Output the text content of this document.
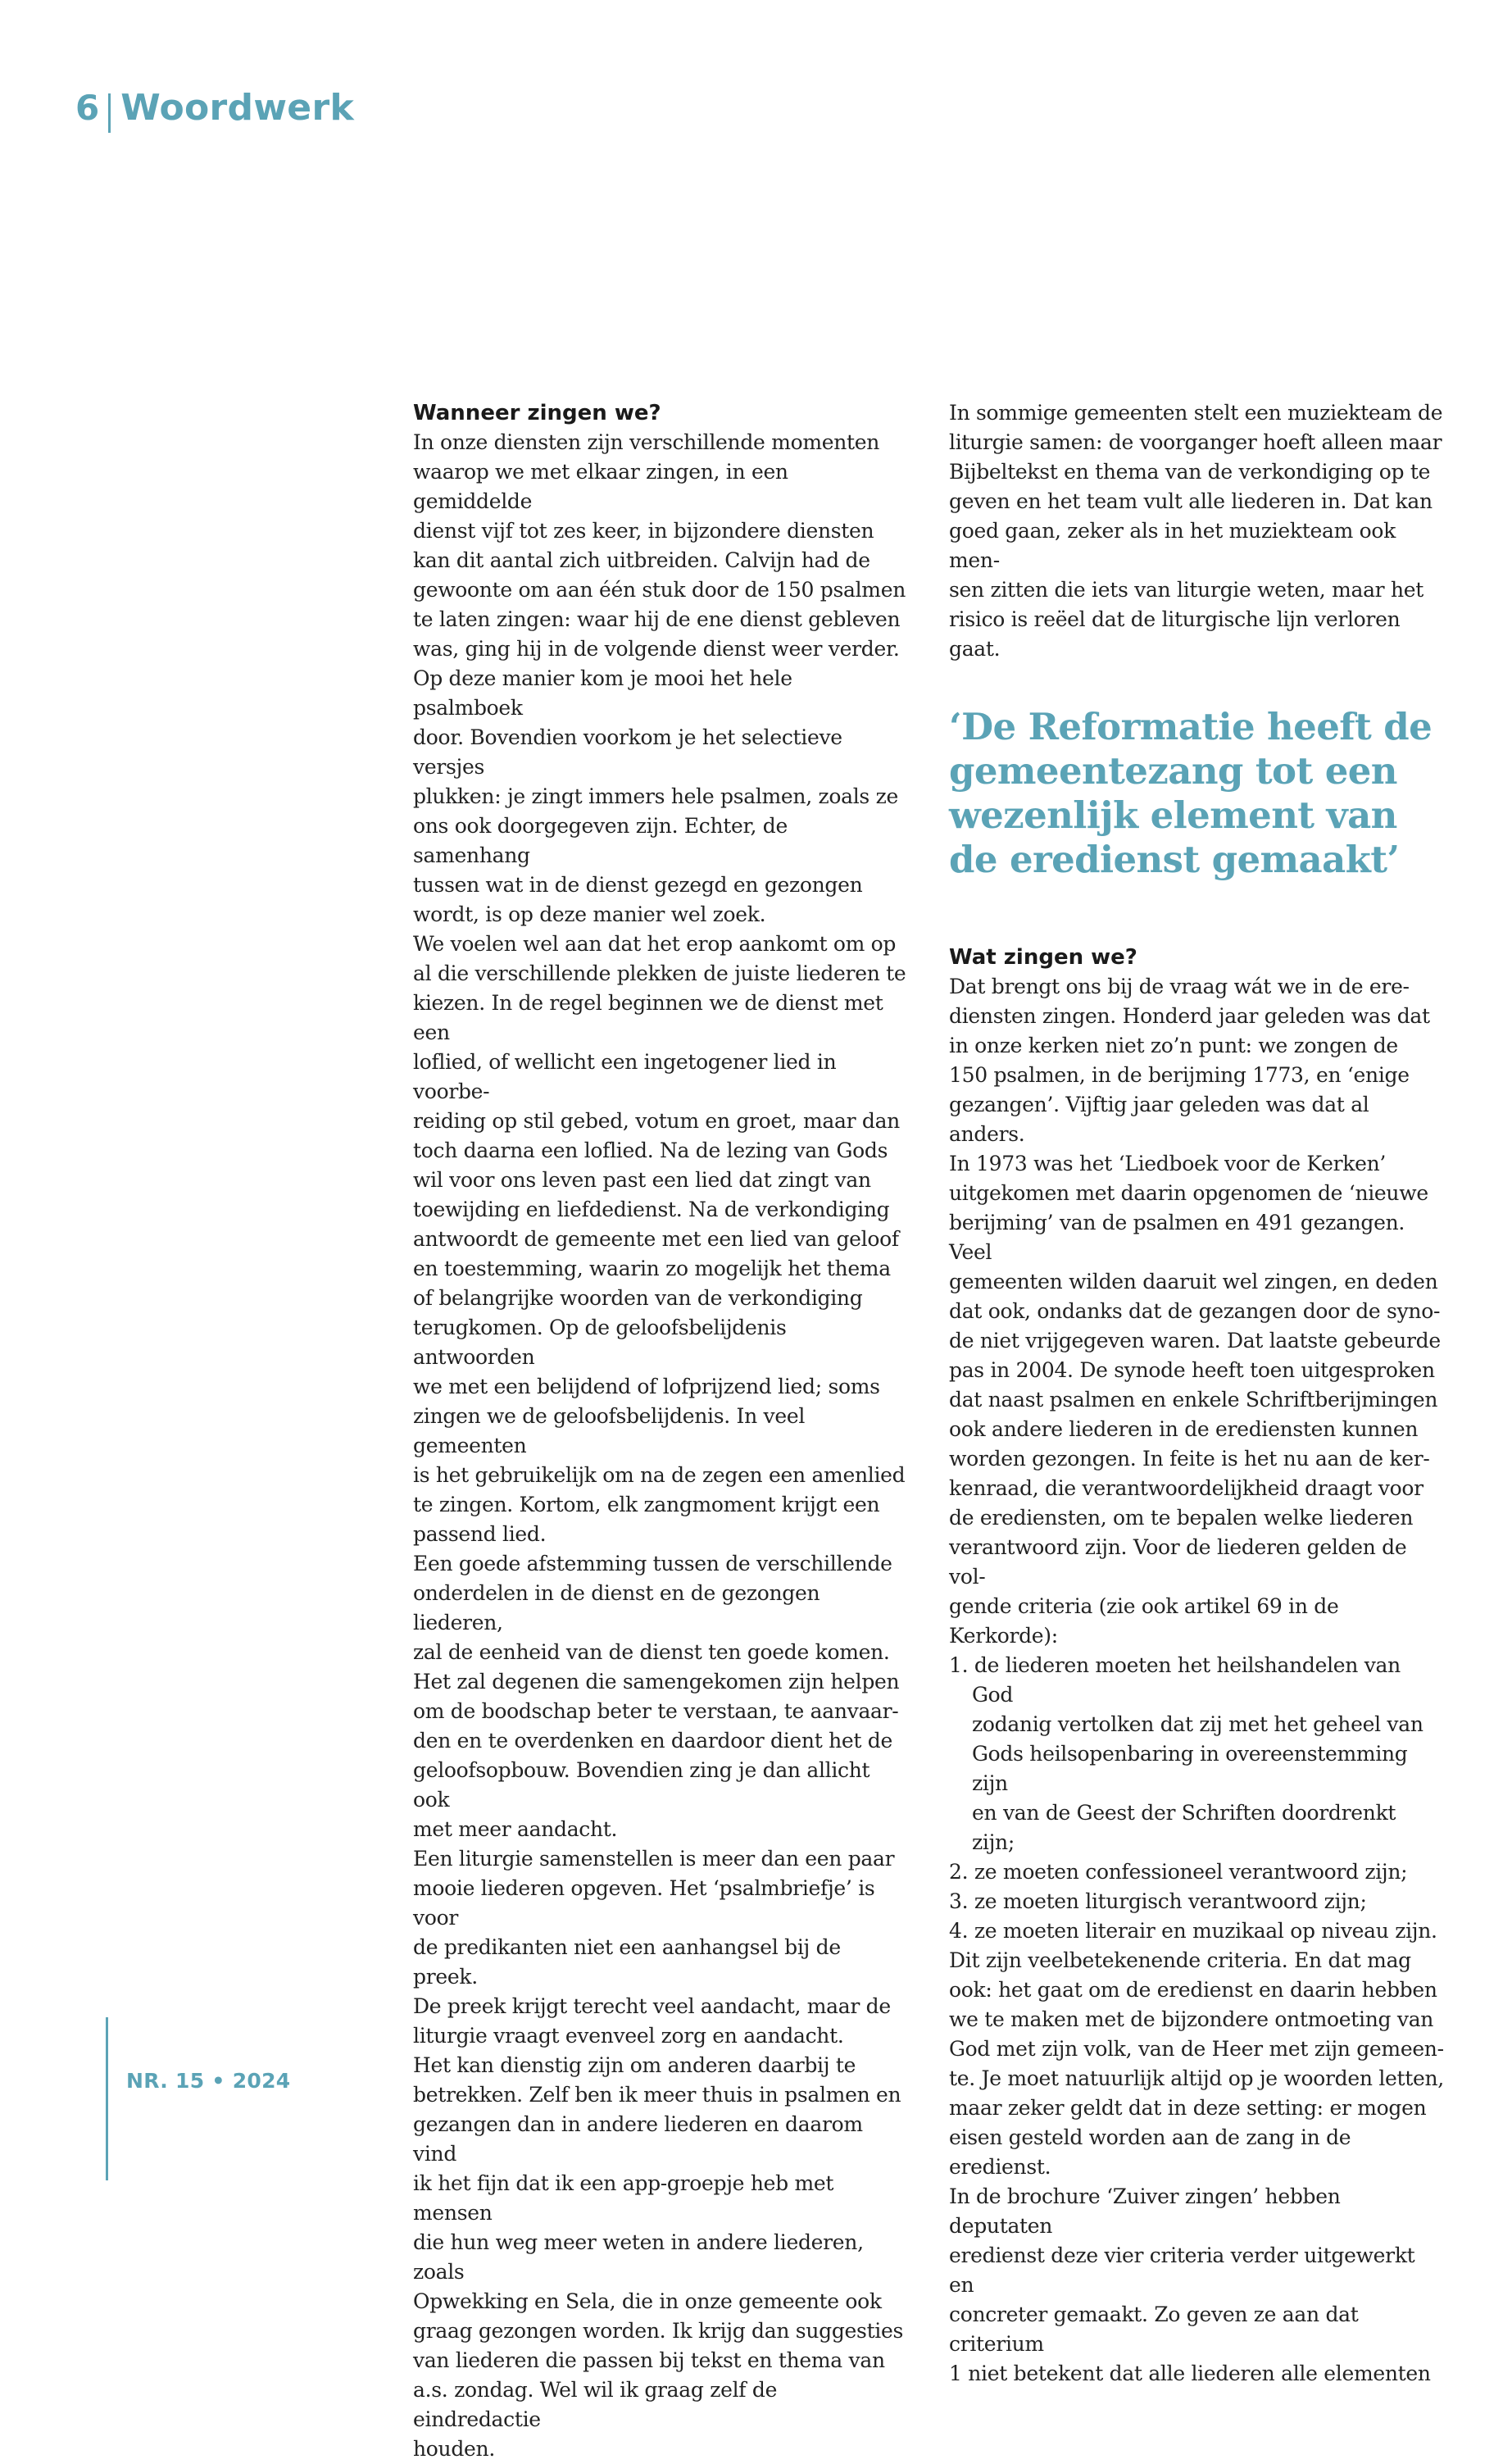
6 Woordwerk
Wanneer zingen we?

In onze diensten zijn verschillende momenten
waarop we met elkaar zingen, in een gemiddelde
dienst vijf tot zes keer, in bijzondere diensten
kan dit aantal zich uitbreiden. Calvijn had de
gewoonte om aan één stuk door de 150 psalmen
te laten zingen: waar hij de ene dienst gebleven
was, ging hij in de volgende dienst weer verder.
Op deze manier kom je mooi het hele psalmboek
door. Bovendien voorkom je het selectieve versjes
plukken: je zingt immers hele psalmen, zoals ze
ons ook doorgegeven zijn. Echter, de samenhang
tussen wat in de dienst gezegd en gezongen
wordt, is op deze manier wel zoek.

We voelen wel aan dat het erop aankomt om op
al die verschillende plekken de juiste liederen te
kiezen. In de regel beginnen we de dienst met een
loflied, of wellicht een ingetogener lied in voorbe-
reiding op stil gebed, votum en groet, maar dan
toch daarna een loflied. Na de lezing van Gods
wil voor ons leven past een lied dat zingt van
toewijding en liefdedienst. Na de verkondiging
antwoordt de gemeente met een lied van geloof
en toestemming, waarin zo mogelijk het thema
of belangrijke woorden van de verkondiging
terugkomen. Op de geloofsbelijdenis antwoorden
we met een belijdend of lofprijzend lied; soms
zingen we de geloofsbelijdenis. In veel gemeenten
is het gebruikelijk om na de zegen een amenlied
te zingen. Kortom, elk zangmoment krijgt een
passend lied.

Een goede afstemming tussen de verschillende
onderdelen in de dienst en de gezongen liederen,
zal de eenheid van de dienst ten goede komen.
Het zal degenen die samengekomen zijn helpen
om de boodschap beter te verstaan, te aanvaar-
den en te overdenken en daardoor dient het de
geloofsopbouw. Bovendien zing je dan allicht ook
met meer aandacht.

Een liturgie samenstellen is meer dan een paar
mooie liederen opgeven. Het ‘psalmbriefje’ is voor
de predikanten niet een aanhangsel bij de preek.
De preek krijgt terecht veel aandacht, maar de
liturgie vraagt evenveel zorg en aandacht.

Het kan dienstig zijn om anderen daarbij te
betrekken. Zelf ben ik meer thuis in psalmen en
gezangen dan in andere liederen en daarom vind
ik het fijn dat ik een app-groepje heb met mensen
die hun weg meer weten in andere liederen, zoals
Opwekking en Sela, die in onze gemeente ook
graag gezongen worden. Ik krijg dan suggesties
van liederen die passen bij tekst en thema van
a.s. zondag. Wel wil ik graag zelf de eindredactie
houden.

In sommige gemeenten stelt een muziekteam de
liturgie samen: de voorganger hoeft alleen maar
Bijbeltekst en thema van de verkondiging op te
geven en het team vult alle liederen in. Dat kan
goed gaan, zeker als in het muziekteam ook men-
sen zitten die iets van liturgie weten, maar het
risico is reëel dat de liturgische lijn verloren gaat.

‘De Reformatie heeft de gemeentezang tot een wezenlijk element van de eredienst gemaakt’

Wat zingen we?

Dat brengt ons bij de vraag wát we in de ere-
diensten zingen. Honderd jaar geleden was dat
in onze kerken niet zo’n punt: we zongen de
150 psalmen, in de berijming 1773, en ‘enige
gezangen’. Vijftig jaar geleden was dat al anders.
In 1973 was het ‘Liedboek voor de Kerken’
uitgekomen met daarin opgenomen de ‘nieuwe
berijming’ van de psalmen en 491 gezangen. Veel
gemeenten wilden daaruit wel zingen, en deden
dat ook, ondanks dat de gezangen door de syno-
de niet vrijgegeven waren. Dat laatste gebeurde
pas in 2004. De synode heeft toen uitgesproken
dat naast psalmen en enkele Schriftberijmingen
ook andere liederen in de erediensten kunnen
worden gezongen. In feite is het nu aan de ker-
kenraad, die verantwoordelijkheid draagt voor
de erediensten, om te bepalen welke liederen
verantwoord zijn. Voor de liederen gelden de vol-
gende criteria (zie ook artikel 69 in de Kerkorde):

1. de liederen moeten het heilshandelen van God
zodanig vertolken dat zij met het geheel van
Gods heilsopenbaring in overeenstemming zijn
en van de Geest der Schriften doordrenkt zijn;
2. ze moeten confessioneel verantwoord zijn;
3. ze moeten liturgisch verantwoord zijn;
4. ze moeten literair en muzikaal op niveau zijn.

Dit zijn veelbetekenende criteria. En dat mag
ook: het gaat om de eredienst en daarin hebben
we te maken met de bijzondere ontmoeting van
God met zijn volk, van de Heer met zijn gemeen-
te. Je moet natuurlijk altijd op je woorden letten,
maar zeker geldt dat in deze setting: er mogen
eisen gesteld worden aan de zang in de eredienst.
In de brochure ‘Zuiver zingen’ hebben deputaten
eredienst deze vier criteria verder uitgewerkt en
concreter gemaakt. Zo geven ze aan dat criterium
1 niet betekent dat alle liederen alle elementen

NR. 15 • 2024
